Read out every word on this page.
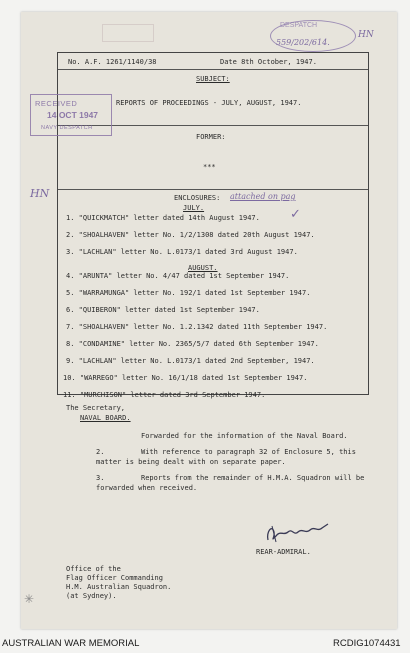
DESPATCH
559/202/614.
HN
No. A.F. 1261/1140/38	Date 8th October, 1947.
SUBJECT:
REPORTS OF PROCEEDINGS - JULY, AUGUST, 1947.
FORMER:
***
ENCLOSURES: attached on pag
JULY.
1. "QUICKMATCH" letter dated 14th August 1947. ✓
2. "SHOALHAVEN" letter No. 1/2/1308 dated 20th August 1947.
3. "LACHLAN" letter No. L.0173/1 dated 3rd August 1947.
AUGUST.
4. "ARUNTA" letter No. 4/47 dated 1st September 1947.
5. "WARRAMUNGA" letter No. 192/1 dated 1st September 1947.
6. "QUIBERON" letter dated 1st September 1947.
7. "SHOALHAVEN" letter No. 1.2.1342 dated 11th September 1947.
8. "CONDAMINE" letter No. 2365/5/7 dated 6th September 1947.
9. "LACHLAN" letter No. L.0173/1 dated 2nd September, 1947.
10. "WARREGO" letter No. 16/1/18 dated 1st September 1947.
11. "MURCHISON" letter dated 3rd September 1947.
RECEIVED
14 OCT 1947
NAVY DESPATCH
HN
The Secretary,
NAVAL BOARD.
Forwarded for the information of the Naval Board.
2.	With reference to paragraph 32 of Enclosure 5, this
matter is being dealt with on separate paper.
3.	Reports from the remainder of H.M.A. Squadron will be
forwarded when received.
REAR-ADMIRAL.
Office of the
Flag Officer Commanding
H.M. Australian Squadron.
(at Sydney).
✳
AUSTRALIAN WAR MEMORIAL	RCDIG1074431
